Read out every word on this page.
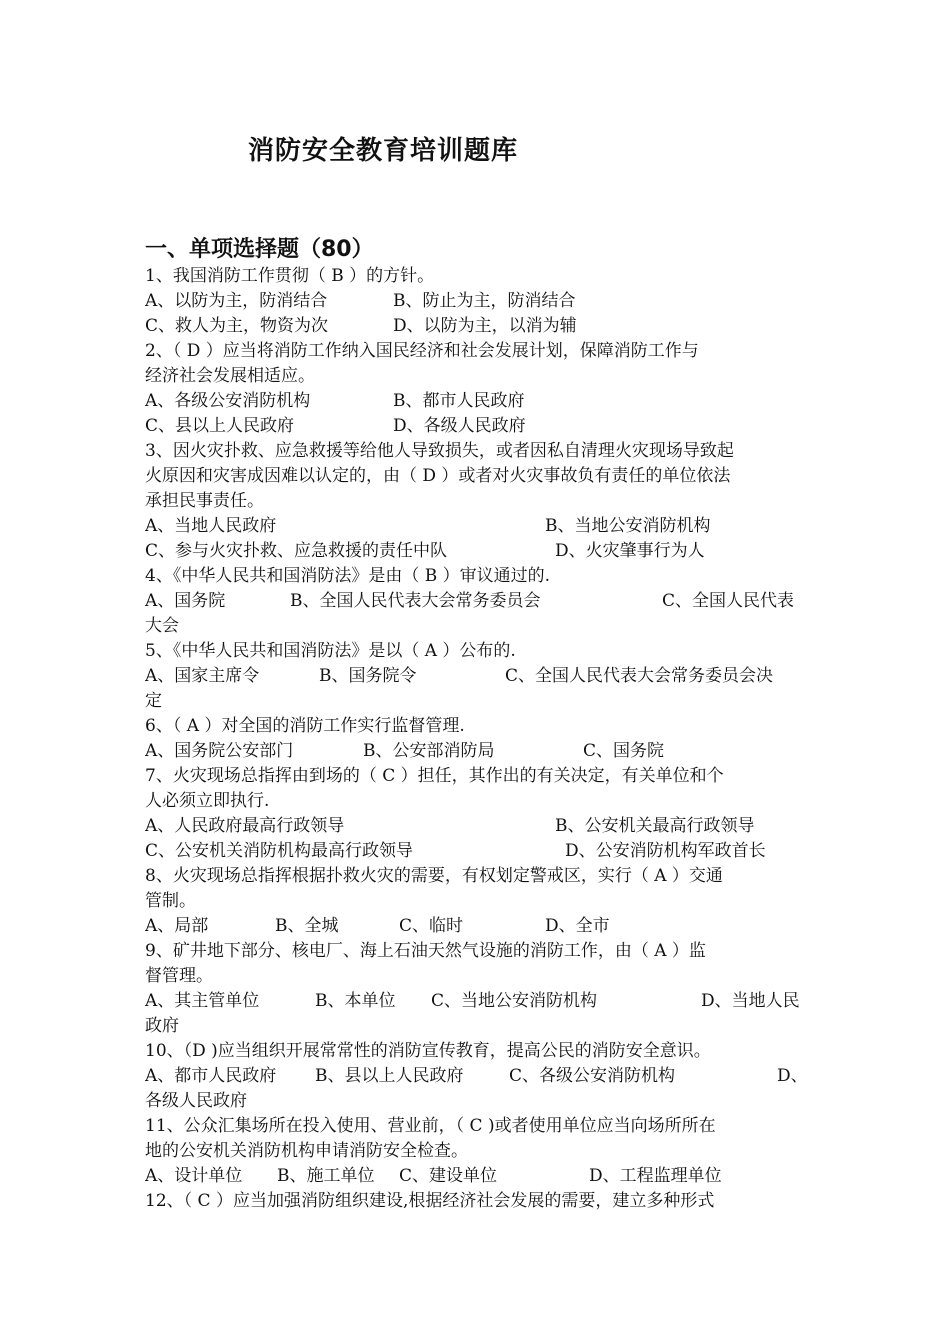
消防安全教育培训题库
一、单项选择题（80）
1、我国消防工作贯彻（ B ）的方针。
A、以防为主，防消结合	B、防止为主，防消结合
C、救人为主，物资为次	D、以防为主，以消为辅
2、（ D ）应当将消防工作纳入国民经济和社会发展计划，保障消防工作与
经济社会发展相适应。
A、各级公安消防机构	B、都市人民政府
C、县以上人民政府	D、各级人民政府
3、因火灾扑救、应急救援等给他人导致损失，或者因私自清理火灾现场导致起
火原因和灾害成因难以认定的，由（ D ）或者对火灾事故负有责任的单位依法
承担民事责任。
A、当地人民政府	B、当地公安消防机构
C、参与火灾扑救、应急救援的责任中队	D、火灾肇事行为人
4、《中华人民共和国消防法》是由（ B ）审议通过的.
A、国务院	B、全国人民代表大会常务委员会	C、全国人民代表
大会
5、《中华人民共和国消防法》是以（ A ）公布的.
A、国家主席令	B、国务院令	C、全国人民代表大会常务委员会决
定
6、（ A ）对全国的消防工作实行监督管理.
A、国务院公安部门	B、公安部消防局	C、国务院
7、火灾现场总指挥由到场的（ C ）担任，其作出的有关决定，有关单位和个
人必须立即执行.
A、人民政府最高行政领导	B、公安机关最高行政领导
C、公安机关消防机构最高行政领导	D、公安消防机构军政首长
8、火灾现场总指挥根据扑救火灾的需要，有权划定警戒区，实行（ A ）交通
管制。
A、局部	B、全城	C、临时	D、全市
9、矿井地下部分、核电厂、海上石油天然气设施的消防工作，由（ A ）监
督管理。
A、其主管单位	B、本单位	C、当地公安消防机构	D、当地人民
政府
10、（D )应当组织开展常常性的消防宣传教育，提高公民的消防安全意识。
A、都市人民政府	B、县以上人民政府	C、各级公安消防机构	D、
各级人民政府
11、公众汇集场所在投入使用、营业前，（ C )或者使用单位应当向场所所在
地的公安机关消防机构申请消防安全检查。
A、设计单位	B、施工单位	C、建设单位	D、工程监理单位
12、（ C ）应当加强消防组织建设,根据经济社会发展的需要，建立多种形式
